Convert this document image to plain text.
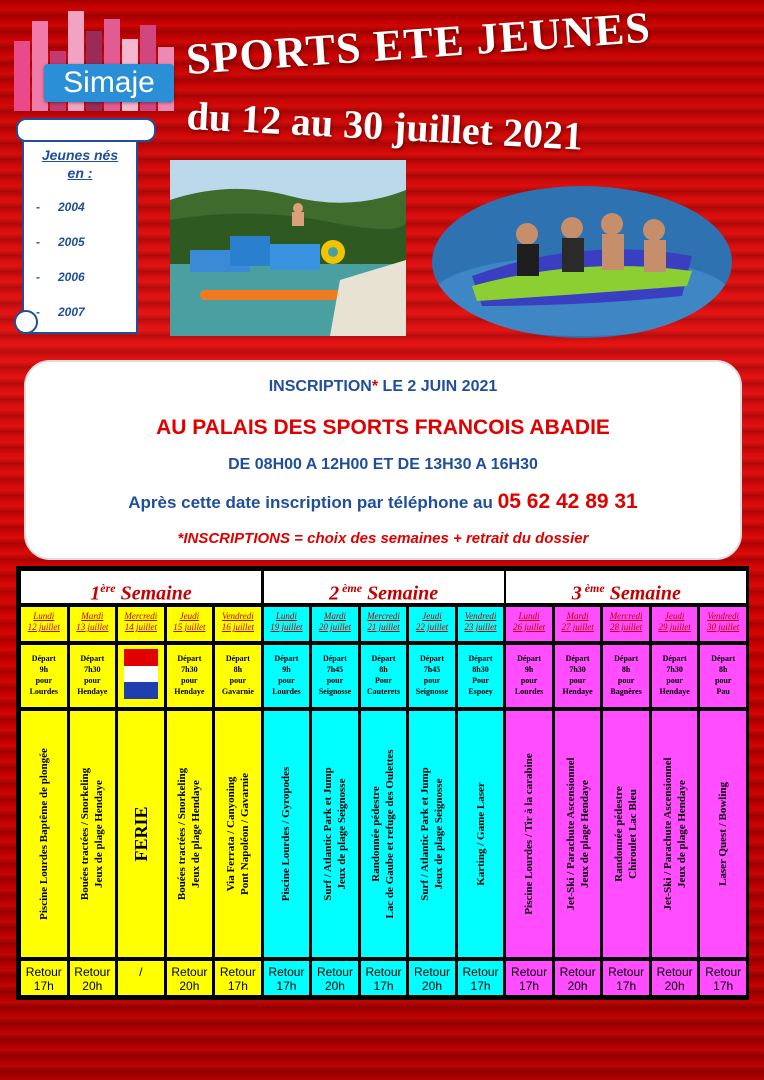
Simaje SPORTS ETE JEUNES
du 12 au 30 juillet 2021
Jeunes nés
en :
- 2004
- 2005
- 2006
- 2007
INSCRIPTION* LE 2 JUIN 2021
AU PALAIS DES SPORTS FRANCOIS ABADIE
DE 08H00 A 12H00 ET DE 13H30 A 16H30
Après cette date inscription par téléphone au 05 62 42 89 31
*INSCRIPTIONS = choix des semaines + retrait du dossier
1ère Semaine	2 $^{ème}$ Semaine	3 $^{ème}$ Semaine
Lundi
12 juillet
Départ
9h
pour
Lourdes
Piscine Lourdes Baptême de plongée
Retour
17h
Mardi
13 juillet
Départ
7h30
pour
Hendaye
Bouées tractées / Snorkeling Jeux de plage Hendaye
Retour
20h
Mercredi
14 juillet
FERIE
/
Jeudi
15 juillet
Départ
7h30
pour
Hendaye
Bouées tractées / Snorkeling Jeux de plage Hendaye
Retour
20h
Vendredi
16 juillet
Départ
8h
pour
Gavarnie
Via Ferrata / Canyoning Pont Napoléon / Gavarnie
Retour
17h
Lundi
19 juillet
Départ
9h
pour
Lourdes
Piscine Lourdes / Gyropodes
Retour
17h
Mardi
20 juillet
Départ
7h45
pour
Seignosse
Surf / Atlantic Park et Jump Jeux de plage Seignosse
Retour
20h
Mercredi
21 juillet
Départ
8h
Pour
Cauterets
Randonnée pédestre Lac de Gaube et refuge des Oulettes
Retour
17h
Jeudi
22 juillet
Départ
7h45
pour
Seignosse
Surf / Atlantic Park et Jump Jeux de plage Seignosse
Retour
20h
Vendredi
23 juillet
Départ
8h30
Pour
Espoey
Karting / Game Laser
Retour
17h
Lundi
26 juillet
Départ
9h
pour
Lourdes
Piscine Lourdes / Tir à la carabine
Retour
17h
Mardi
27 juillet
Départ
7h30
pour
Hendaye
Jet-Ski / Parachute Ascensionnel Jeux de plage Hendaye
Retour
20h
Mercredi
28 juillet
Départ
8h
pour
Bagnères
Randonnée pédestre Chiroulet Lac Bleu
Retour
17h
Jeudi
29 juillet
Départ
7h30
pour
Hendaye
Jet-Ski / Parachute Ascensionnel Jeux de plage Hendaye
Retour
20h
Vendredi
30 juillet
Départ
8h
pour
Pau
Laser Quest / Bowling
Retour
17h
